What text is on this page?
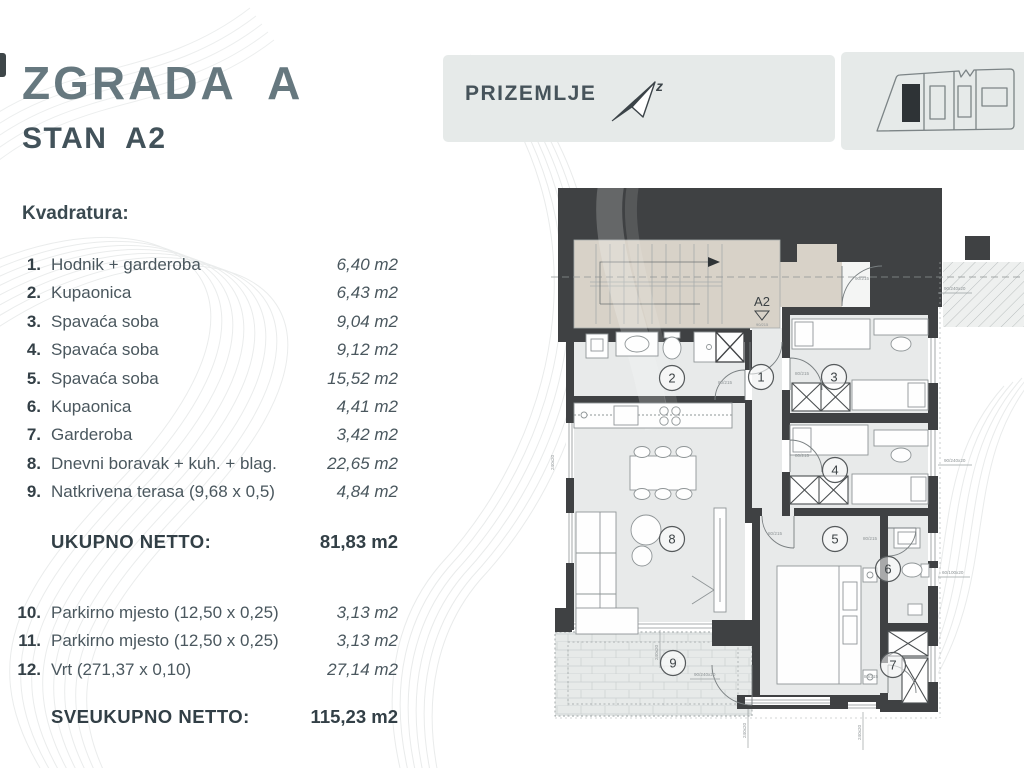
ZGRADA A
STAN A2
Kvadratura:
1. Hodnik + garderoba	6,40 m2
2. Kupaonica	6,43 m2
3. Spavaća soba	9,04 m2
4. Spavaća soba	9,12 m2
5. Spavaća soba	15,52 m2
6. Kupaonica	4,41 m2
7. Garderoba	3,42 m2
8. Dnevni boravak + kuh. + blag.	22,65 m2
9. Natkrivena terasa (9,68 x 0,5)	4,84 m2
UKUPNO NETTO:	81,83 m2
10. Parkirno mjesto (12,50 x 0,25)	3,13 m2
11. Parkirno mjesto (12,50 x 0,25)	3,13 m2
12. Vrt (271,37 x 0,10)	27,14 m2
SVEUKUPNO NETTO:	115,23 m2
PRIZEMLJE	z
80/215
80/215
80/215
80/215
80/215
80/215
90/215
90/215
90/240x20
90/240x20
60/100x20
90/240x20
240x20	240x20
240x20
240x20
A2
1
2	3
4
5
6
7
8
9
